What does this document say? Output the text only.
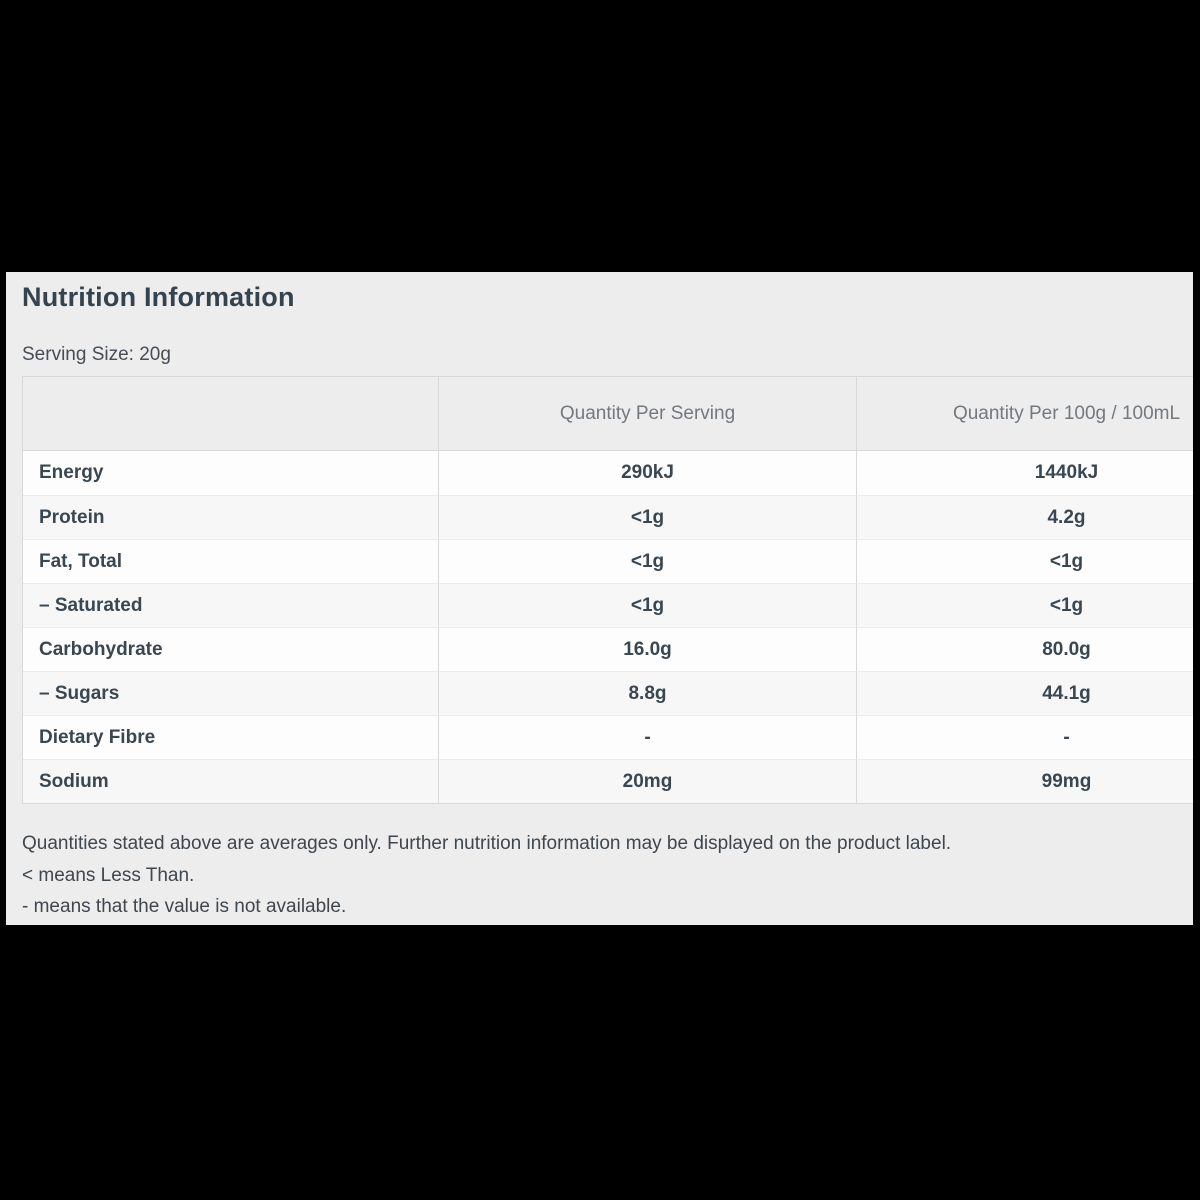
Nutrition Information

Serving Size: 20g

	Quantity Per Serving	Quantity Per 100g / 100mL
Energy	290kJ	1440kJ
Protein	<1g	4.2g
Fat, Total	<1g	<1g
– Saturated	<1g	<1g
Carbohydrate	16.0g	80.0g
– Sugars	8.8g	44.1g
Dietary Fibre	-	-
Sodium	20mg	99mg

Quantities stated above are averages only. Further nutrition information may be displayed on the product label.

< means Less Than.

- means that the value is not available.
